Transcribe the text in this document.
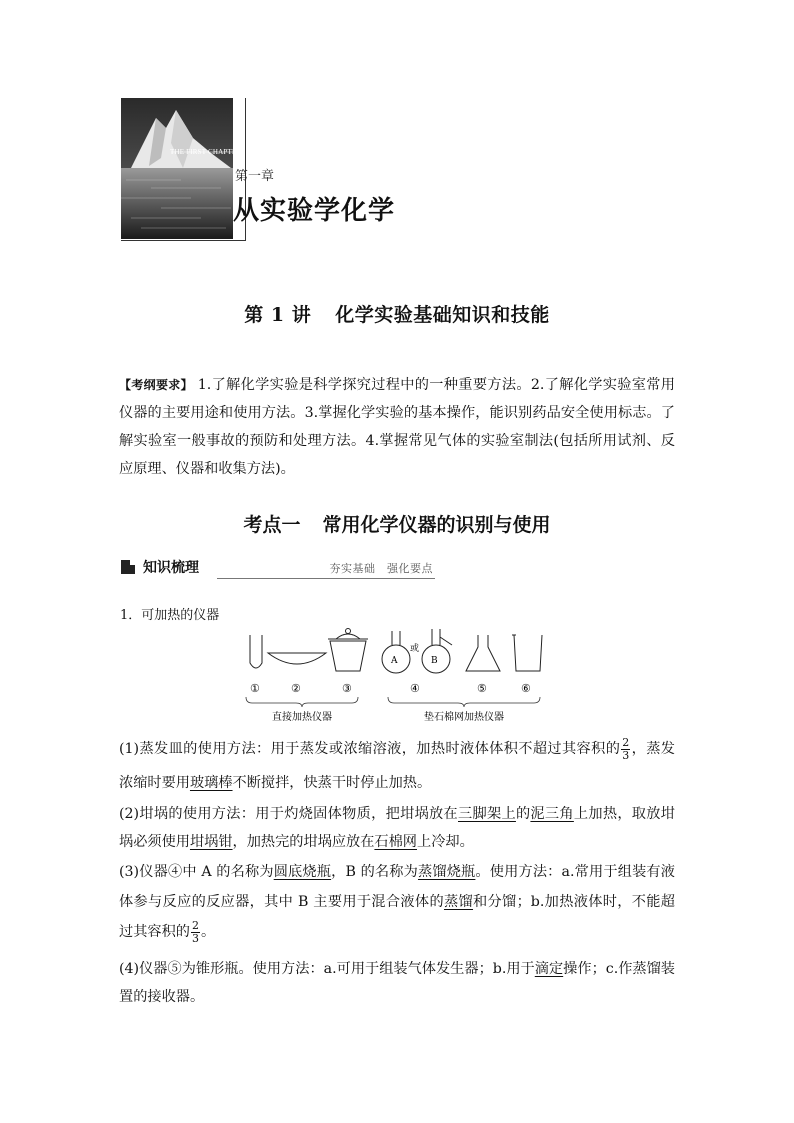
THE FIRST CHAPTER
第一章
从实验学化学
第 1 讲 化学实验基础知识和技能
【考纲要求】 1.了解化学实验是科学探究过程中的一种重要方法。2.了解化学实验室常用仪器的主要用途和使用方法。3.掌握化学实验的基本操作，能识别药品安全使用标志。了解实验室一般事故的预防和处理方法。4.掌握常见气体的实验室制法(包括所用试剂、反应原理、仪器和收集方法)。
考点一 常用化学仪器的识别与使用
知识梳理	夯实基础　强化要点
1．可加热的仪器
A
或
B
①	②	③	④	⑤	⑥
直接加热仪器	垫石棉网加热仪器
(1)蒸发皿的使用方法：用于蒸发或浓缩溶液，加热时液体体积不超过其容积的 $\frac{2}{3}$ ，蒸发浓缩时要用玻璃棒不断搅拌，快蒸干时停止加热。
(2)坩埚的使用方法：用于灼烧固体物质，把坩埚放在三脚架上的泥三角上加热，取放坩埚必须使用坩埚钳，加热完的坩埚应放在石棉网上冷却。
(3)仪器④中 A 的名称为圆底烧瓶，B 的名称为蒸馏烧瓶。使用方法：a.常用于组装有液体参与反应的反应器，其中 B 主要用于混合液体的蒸馏和分馏；b.加热液体时，不能超过其容积的 $\frac{2}{3}$ 。
(4)仪器⑤为锥形瓶。使用方法：a.可用于组装气体发生器；b.用于滴定操作；c.作蒸馏装置的接收器。
